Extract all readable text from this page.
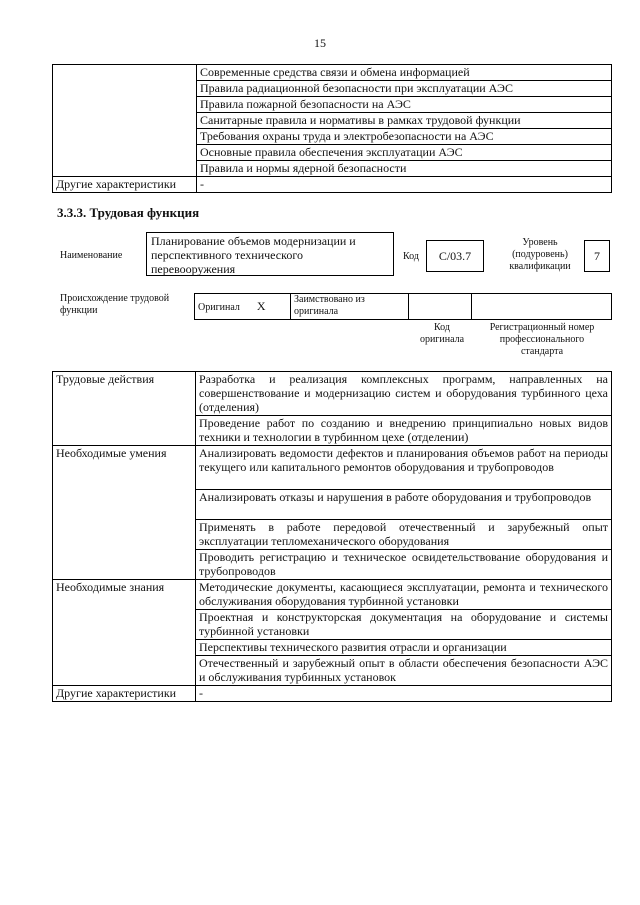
15
	Современные средства связи и обмена информацией
	Правила радиационной безопасности при эксплуатации АЭС
	Правила пожарной безопасности на АЭС
	Санитарные правила и нормативы в рамках трудовой функции
	Требования охраны труда и электробезопасности на АЭС
	Основные правила обеспечения эксплуатации АЭС
	Правила и нормы ядерной безопасности
Другие характеристики	-
3.3.3. Трудовая функция
Наименование
Планирование объемов модернизации и перспективного технического перевооружения
Код	С/03.7
Уровень (подуровень) квалификации
7
Происхождение трудовой функции	Оригинал X	Заимствовано из оригинала		
Код оригинала
Регистрационный номер профессионального стандарта
Трудовые действия	Разработка и реализация комплексных программ, направленных на совершенствование и модернизацию систем и оборудования турбинного цеха (отделения)
	Проведение работ по созданию и внедрению принципиально новых видов техники и технологии в турбинном цехе (отделении)
Необходимые умения	Анализировать ведомости дефектов и планирования объемов работ на периоды текущего или капитального ремонтов оборудования и трубопроводов
	Анализировать отказы и нарушения в работе оборудования и трубопроводов
	Применять в работе передовой отечественный и зарубежный опыт эксплуатации тепломеханического оборудования
	Проводить регистрацию и техническое освидетельствование оборудования и трубопроводов
Необходимые знания	Методические документы, касающиеся эксплуатации, ремонта и технического обслуживания оборудования турбинной установки
	Проектная и конструкторская документация на оборудование и системы турбинной установки
	Перспективы технического развития отрасли и организации
	Отечественный и зарубежный опыт в области обеспечения безопасности АЭС и обслуживания турбинных установок
Другие характеристики	-
